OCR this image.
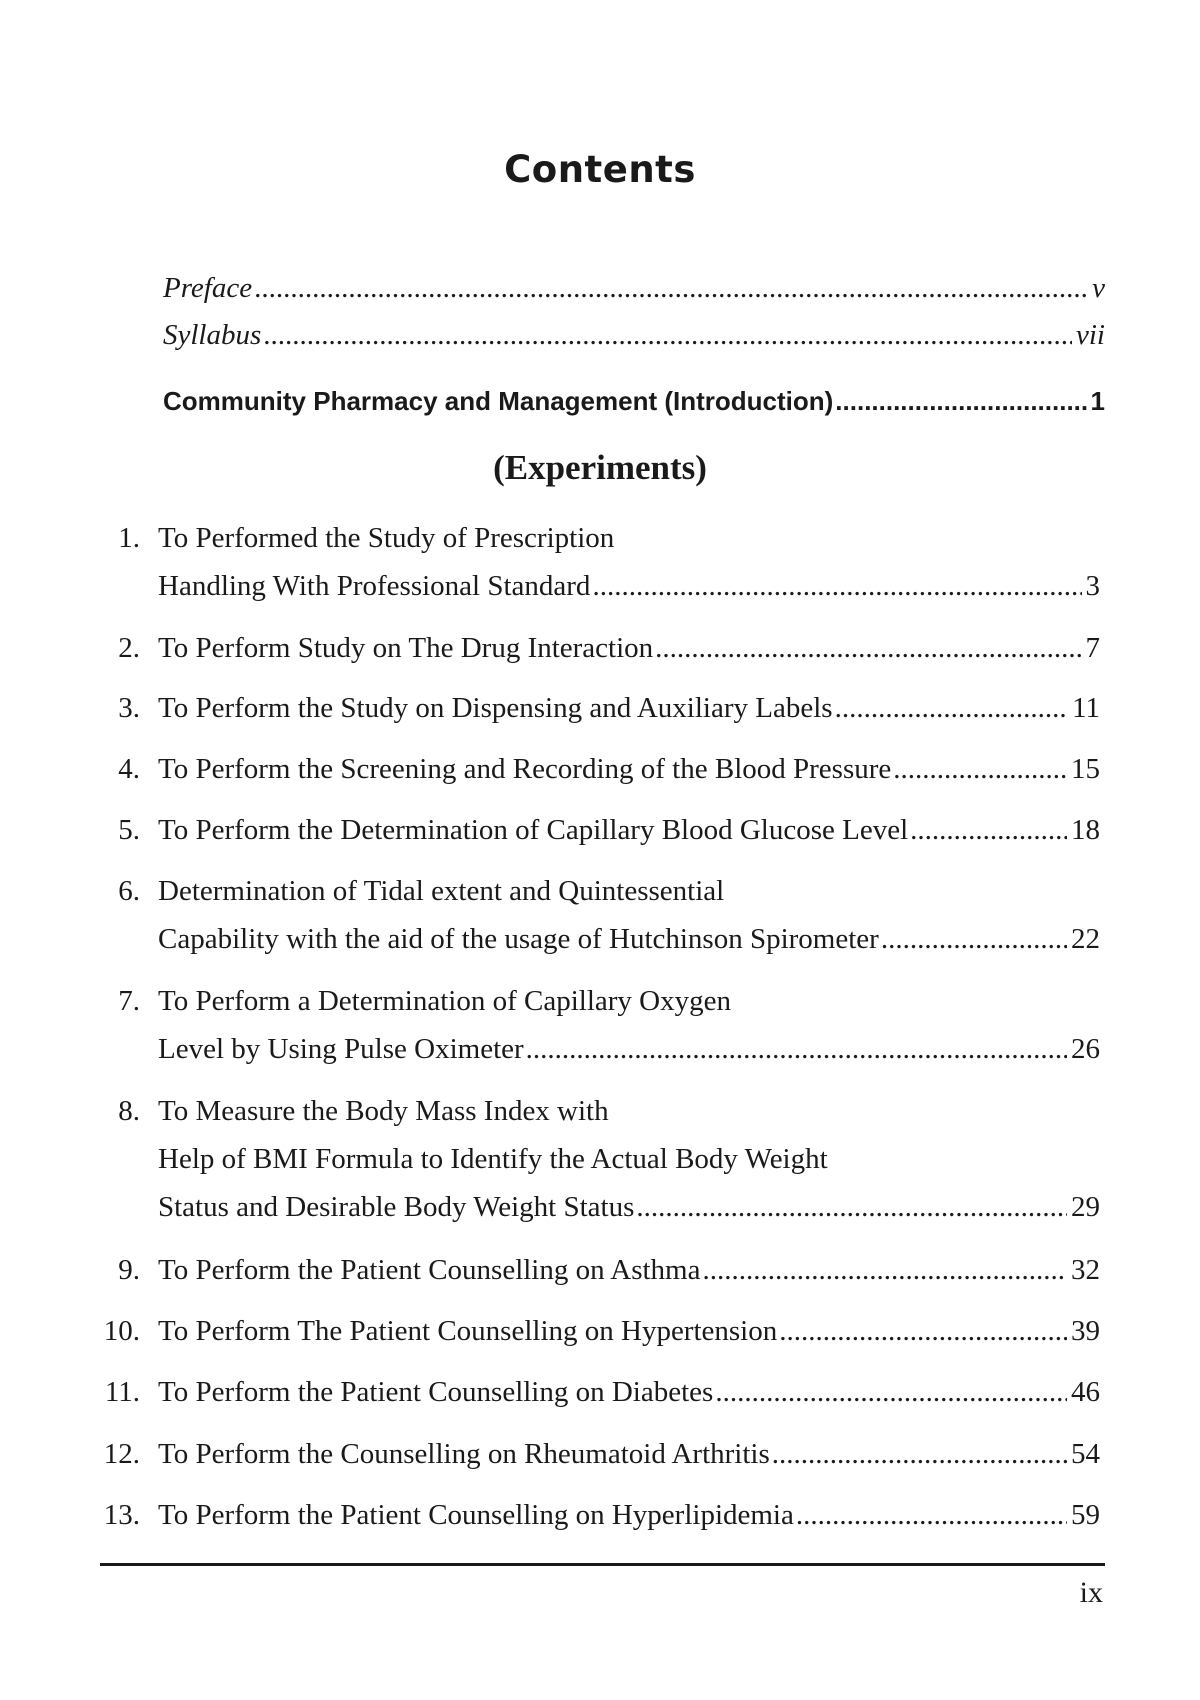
Contents
Preface .....	v
Syllabus .....	vii
Community Pharmacy and Management (Introduction) .....	1
(Experiments)
1. To Performed the Study of Prescription
Handling With Professional Standard .....	3
2. To Perform Study on The Drug Interaction .....	7
3. To Perform the Study on Dispensing and Auxiliary Labels .....	11
4. To Perform the Screening and Recording of the Blood Pressure .....	15
5. To Perform the Determination of Capillary Blood Glucose Level .....	18
6. Determination of Tidal extent and Quintessential
Capability with the aid of the usage of Hutchinson Spirometer .....	22
7. To Perform a Determination of Capillary Oxygen
Level by Using Pulse Oximeter .....	26
8. To Measure the Body Mass Index with
Help of BMI Formula to Identify the Actual Body Weight
Status and Desirable Body Weight Status .....	29
9. To Perform the Patient Counselling on Asthma .....	32
10. To Perform The Patient Counselling on Hypertension .....	39
11. To Perform the Patient Counselling on Diabetes .....	46
12. To Perform the Counselling on Rheumatoid Arthritis .....	54
13. To Perform the Patient Counselling on Hyperlipidemia .....	59
ix
